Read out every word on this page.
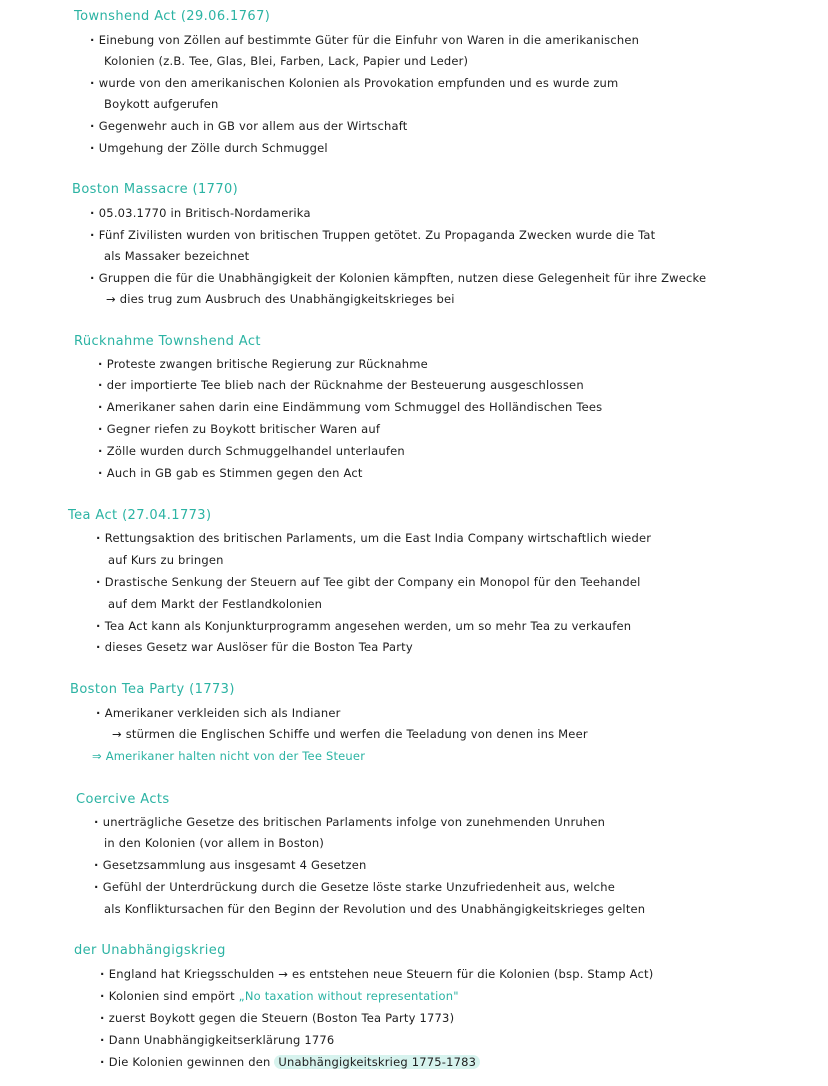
Townshend Act (29.06.1767)
· Einebung von Zöllen auf bestimmte Güter für die Einfuhr von Waren in die amerikanischen
Kolonien (z.B. Tee, Glas, Blei, Farben, Lack, Papier und Leder)
· wurde von den amerikanischen Kolonien als Provokation empfunden und es wurde zum
Boykott aufgerufen
· Gegenwehr auch in GB vor allem aus der Wirtschaft
· Umgehung der Zölle durch Schmuggel
Boston Massacre (1770)
· 05.03.1770 in Britisch-Nordamerika
· Fünf Zivilisten wurden von britischen Truppen getötet. Zu Propaganda Zwecken wurde die Tat
als Massaker bezeichnet
· Gruppen die für die Unabhängigkeit der Kolonien kämpften, nutzen diese Gelegenheit für ihre Zwecke
→ dies trug zum Ausbruch des Unabhängigkeitskrieges bei
Rücknahme Townshend Act
· Proteste zwangen britische Regierung zur Rücknahme
· der importierte Tee blieb nach der Rücknahme der Besteuerung ausgeschlossen
· Amerikaner sahen darin eine Eindämmung vom Schmuggel des Holländischen Tees
· Gegner riefen zu Boykott britischer Waren auf
· Zölle wurden durch Schmuggelhandel unterlaufen
· Auch in GB gab es Stimmen gegen den Act
Tea Act (27.04.1773)
· Rettungsaktion des britischen Parlaments, um die East India Company wirtschaftlich wieder
auf Kurs zu bringen
· Drastische Senkung der Steuern auf Tee gibt der Company ein Monopol für den Teehandel
auf dem Markt der Festlandkolonien
· Tea Act kann als Konjunkturprogramm angesehen werden, um so mehr Tea zu verkaufen
· dieses Gesetz war Auslöser für die Boston Tea Party
Boston Tea Party (1773)
· Amerikaner verkleiden sich als Indianer
→ stürmen die Englischen Schiffe und werfen die Teeladung von denen ins Meer
⇒ Amerikaner halten nicht von der Tee Steuer
Coercive Acts
· unerträgliche Gesetze des britischen Parlaments infolge von zunehmenden Unruhen
in den Kolonien (vor allem in Boston)
· Gesetzsammlung aus insgesamt 4 Gesetzen
· Gefühl der Unterdrückung durch die Gesetze löste starke Unzufriedenheit aus, welche
als Konfliktursachen für den Beginn der Revolution und des Unabhängigkeitskrieges gelten
der Unabhängigskrieg
· England hat Kriegsschulden → es entstehen neue Steuern für die Kolonien (bsp. Stamp Act)
· Kolonien sind empört „No taxation without representation"
· zuerst Boykott gegen die Steuern (Boston Tea Party 1773)
· Dann Unabhängigkeitserklärung 1776
· Die Kolonien gewinnen den Unabhängigkeitskrieg 1775-1783
